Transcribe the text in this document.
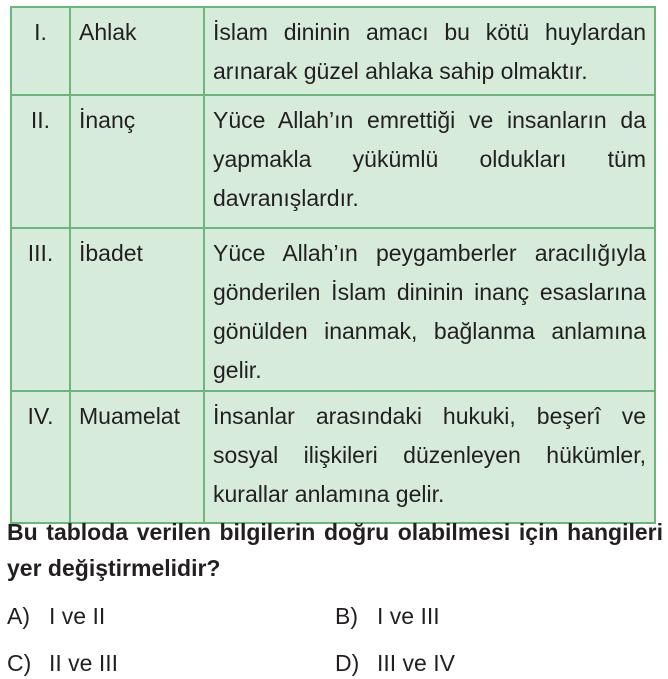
I.	Ahlak	İslam dininin amacı bu kötü huylardan arınarak güzel ahlaka sahip olmaktır.
II.	İnanç	Yüce Allah’ın emrettiği ve insanların da yapmakla yükümlü oldukları tüm davranışlardır.
III.	İbadet	Yüce Allah’ın peygamberler aracılığıyla gönderilen İslam dininin inanç esaslarına gönülden inanmak, bağlanma anlamına gelir.
IV.	Muamelat	İnsanlar arasındaki hukuki, beşerî ve sosyal ilişkileri düzenleyen hükümler, kurallar anlamına gelir.

Bu tabloda verilen bilgilerin doğru olabilmesi için hangileri yer değiştirmelidir?

A) I ve II	B) I ve III
C) II ve III	D) III ve IV
